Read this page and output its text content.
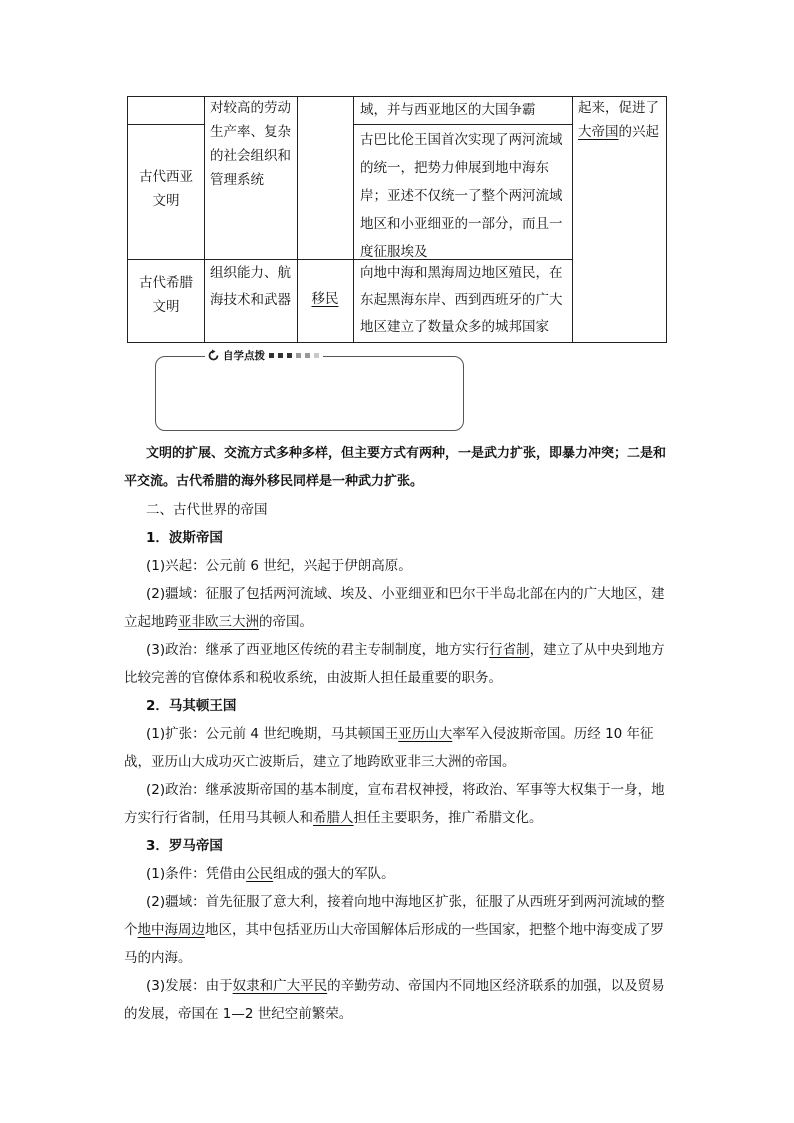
对较高的劳动生产率、复杂的社会组织和管理系统
域，并与西亚地区的大国争霸	起来，促进了大帝国的兴起
古代西亚文明
古巴比伦王国首次实现了两河流域的统一，把势力伸展到地中海东岸；亚述不仅统一了整个两河流域地区和小亚细亚的一部分，而且一度征服埃及
古代希腊文明
组织能力、航海技术和武器	移民
向地中海和黑海周边地区殖民，在东起黑海东岸、西到西班牙的广大地区建立了数量众多的城邦国家
自学点拨
文明的扩展、交流方式多种多样，但主要方式有两种，一是武力扩张，即暴力冲突；二是和平交流。古代希腊的海外移民同样是一种武力扩张。
二、古代世界的帝国
1．波斯帝国
(1)兴起：公元前 6 世纪，兴起于伊朗高原。
(2)疆域：征服了包括两河流域、埃及、小亚细亚和巴尔干半岛北部在内的广大地区，建立起地跨亚非欧三大洲的帝国。
(3)政治：继承了西亚地区传统的君主专制制度，地方实行行省制，建立了从中央到地方比较完善的官僚体系和税收系统，由波斯人担任最重要的职务。
2．马其顿王国
(1)扩张：公元前 4 世纪晚期，马其顿国王亚历山大率军入侵波斯帝国。历经 10 年征战，亚历山大成功灭亡波斯后，建立了地跨欧亚非三大洲的帝国。
(2)政治：继承波斯帝国的基本制度，宣布君权神授，将政治、军事等大权集于一身，地方实行行省制，任用马其顿人和希腊人担任主要职务，推广希腊文化。
3．罗马帝国
(1)条件：凭借由公民组成的强大的军队。
(2)疆域：首先征服了意大利，接着向地中海地区扩张，征服了从西班牙到两河流域的整个地中海周边地区，其中包括亚历山大帝国解体后形成的一些国家，把整个地中海变成了罗马的内海。
(3)发展：由于奴隶和广大平民的辛勤劳动、帝国内不同地区经济联系的加强，以及贸易的发展，帝国在 1—2 世纪空前繁荣。
